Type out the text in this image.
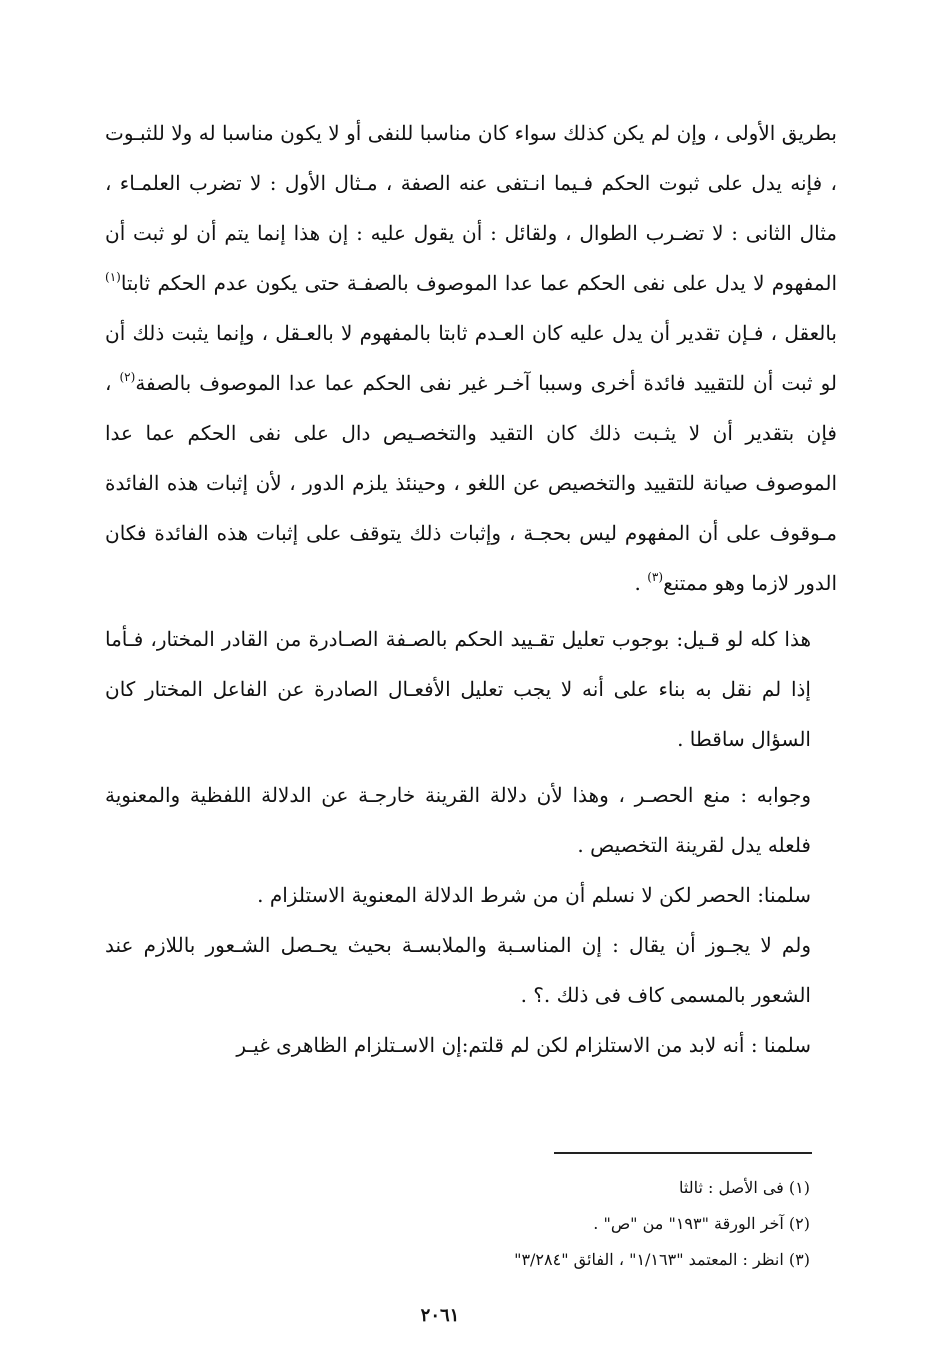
بطريق الأولى ، وإن لم يكن كذلك سواء كان مناسبا للنفى أو لا يكون مناسبا له ولا للثبـوت ، فإنه يدل على ثبوت الحكم فـيما انـتفى عنه الصفة ، مـثال الأول : لا تضرب العلمـاء ، مثال الثانى : لا تضـرب الطوال ، ولقائل : أن يقول عليه : إن هذا إنما يتم أن لو ثبت أن المفهوم لا يدل على نفى الحكم عما عدا الموصوف بالصفـة حتى يكون عدم الحكم ثابتا$^{(١)}$ بالعقل ، فـإن تقدير أن يدل عليه كان العـدم ثابتا بالمفهوم لا بالعـقل ، وإنما يثبت ذلك أن لو ثبت أن للتقييد فائدة أخرى وسببا آخـر غير نفى الحكم عما عدا الموصوف بالصفة$^{(٢)}$ ، فإن بتقدير أن لا يثـبت ذلك كان التقيد والتخصـيص دال على نفى الحكم عما عدا الموصوف صيانة للتقييد والتخصيص عن اللغو ، وحينئذ يلزم الدور ، لأن إثبات هذه الفائدة مـوقوف على أن المفهوم ليس بحجـة ، وإثبات ذلك يتوقف على إثبات هذه الفائدة فكان الدور لازما وهو ممتنع$^{(٣)}$ .

هذا كله لو قـيل: بوجوب تعليل تقـييد الحكم بالصـفة الصـادرة من القادر المختار، فـأما إذا لم نقل به بناء على أنه لا يجب تعليل الأفعـال الصادرة عن الفاعل المختار كان السؤال ساقطا .

وجوابه : منع الحصـر ، وهذا لأن دلالة القرينة خارجـة عن الدلالة اللفظية والمعنوية فلعله يدل لقرينة التخصيص .

سلمنا: الحصر لكن لا نسلم أن من شرط الدلالة المعنوية الاستلزام .

ولم لا يجـوز أن يقال : إن المناسـبة والملابسـة بحيث يحـصل الشـعور باللازم عند الشعور بالمسمى كاف فى ذلك .؟ .

سلمنا : أنه لابد من الاستلزام لكن لم قلتم:إن الاسـتلزام الظاهرى غيـر

(١) فى الأصل : ثالثا

(٢) آخر الورقة "١٩٣" من "ص" .

(٣) انظر : المعتمد "١/١٦٣" ، الفائق "٣/٢٨٤"

٢٠٦١
